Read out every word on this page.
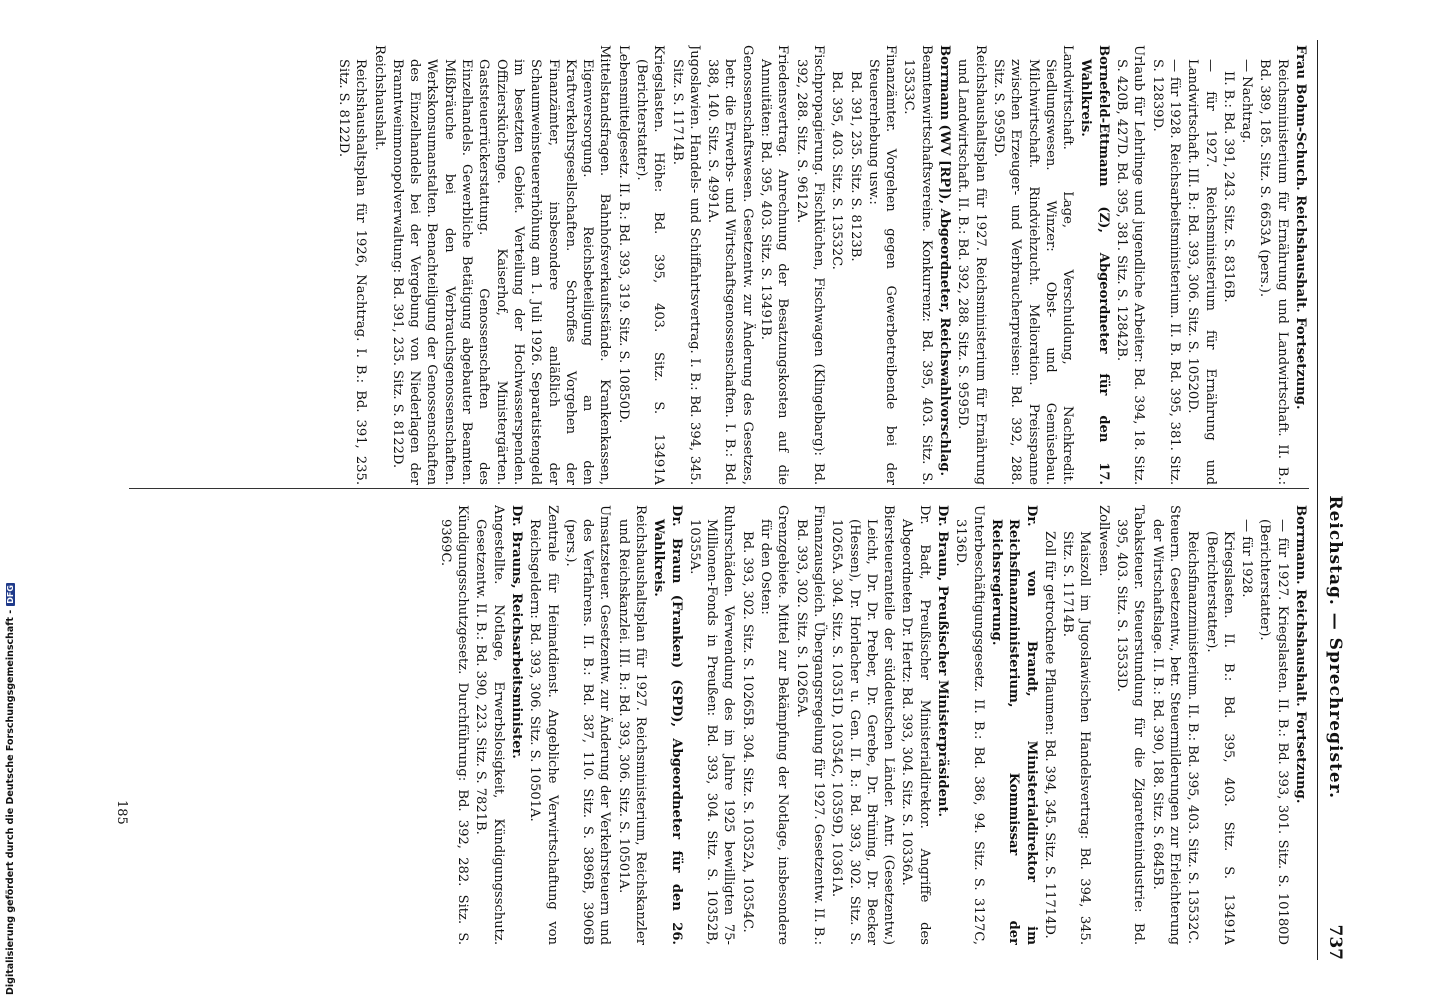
Reichstag. — Sprechregister.
737

Frau Bohm-Schuch. Reichshaushalt. Fortsetzung.

Reichsministerium für Ernährung und Landwirtschaft. II. B.: Bd. 389, 185. Sitz. S. 6653A (pers.).

— Nachtrag.

II. B.: Bd. 391, 243. Sitz. S. 8316B.

— für 1927. Reichsministerium für Ernährung und Landwirtschaft. III. B.: Bd. 393, 306. Sitz. S. 10520D.

— für 1928. Reichsarbeitsministerium. II. B. Bd. 395, 381. Sitz. S. 12839D.

Urlaub für Lehrlinge und jugendliche Arbeiter: Bd. 394, 18. Sitz. S. 420B, 427D. Bd. 395, 381. Sitz. S. 12842B.

Bornefeld-Ettmann (Z), Abgeordneter für den 17. Wahlkreis.

Landwirtschaft. Lage, Verschuldung, Nachkredit. Siedlungswesen. Winzer: Obst- und Gemüsebau. Milchwirtschaft. Rindviehzucht. Melioration. Preisspanne zwischen Erzeuger- und Verbraucherpreisen: Bd. 392, 288. Sitz. S. 9595D.

Reichshaushaltsplan für 1927. Reichsministerium für Ernährung und Landwirtschaft. II. B.: Bd. 392, 288. Sitz. S. 9595D.

Borrmann (WV [RP]), Abgeordneter, Reichswahlvorschlag.

Beamtenwirtschaftsvereine. Konkurrenz: Bd. 395, 403. Sitz. S. 13533C.

Finanzämter. Vorgehen gegen Gewerbetreibende bei der Steuererhebung usw.:

Bd. 391, 235. Sitz. S. 8123B.

Bd. 395, 403. Sitz. S. 13532C.

Fischpropagierung. Fischküchen, Fischwagen (Klingelbarg): Bd. 392, 288. Sitz. S. 9612A.

Friedensvertrag. Anrechnung der Besatzungskosten auf die Annuitäten: Bd. 395, 403. Sitz. S. 13491B.

Genossenschaftswesen. Gesetzentw. zur Änderung des Gesetzes, betr. die Erwerbs- und Wirtschaftsgenossenschaften. I. B.: Bd. 388, 140. Sitz. S. 4991A.

Jugoslawien. Handels- und Schiffahrtsvertrag. I. B.: Bd. 394, 345. Sitz. S. 11714B.

Kriegslasten. Höhe: Bd. 395, 403. Sitz. S. 13491A (Berichterstatter).

Lebensmittelgesetz. II. B.: Bd. 393, 319. Sitz. S. 10850D.

Mittelstandsfragen. Bahnhofsverkaufsstände. Krankenkassen, Eigenversorgung. Reichsbeteiligung an den Kraftverkehrsgesellschaften. Schroffes Vorgehen der Finanzämter, insbesondere anläßlich der Schaumweinsteuererhöhung am 1. Juli 1926. Separatistengeld im besetzten Gebiet. Verteilung der Hochwasserspenden. Offiziersküchenge. Kaiserhof, Ministergärten. Gaststeuerrückerstattung. Genossenschaften des Einzelhandels. Gewerbliche Betätigung abgebauter Beamten. Mißbräuche bei den Verbrauchsgenossenschaften. Werkskonsumanstalten. Benachteiligung der Genossenschaften des Einzelhandels bei der Vergebung von Niederlagen der Branntweinmonopolverwaltung: Bd. 391, 235. Sitz. S. 8122D.

Reichshaushalt.

Reichshaushaltsplan für 1926, Nachtrag. I. B.: Bd. 391, 235. Sitz. S. 8122D.

Borrmann. Reichshaushalt. Fortsetzung.

— für 1927. Kriegslasten. II. B.: Bd. 393, 301. Sitz. S. 10180D (Berichterstatter).

— für 1928.

Kriegslasten. II. B.: Bd. 395, 403. Sitz. S. 13491A (Berichterstatter).

Reichsfinanzministerium. II. B.: Bd. 395, 403. Sitz. S. 13532C.

Steuern. Gesetzentw., betr. Steuermilderungen zur Erleichterung der Wirtschaftslage. II. B.: Bd. 390, 188. Sitz. S. 6845B.

Tabaksteuer. Steuerstundung für die Zigarettenindustrie: Bd. 395, 403. Sitz. S. 13533D.

Zollwesen.

Maiszoll im Jugoslawischen Handelsvertrag: Bd. 394, 345. Sitz. S. 11714B.

Zoll für getrocknete Pflaumen: Bd. 394, 345. Sitz. S. 11714D.

Dr. von Brandt, Ministerialdirektor im Reichsfinanzministerium, Kommissar der Reichsregierung.

Unterbeschäftigungsgesetz. II. B.: Bd. 386, 94. Sitz. S. 3127C, 3136D.

Dr. Braun, Preußischer Ministerpräsident.

Dr. Badt, Preußischer Ministerialdirektor. Angriffe des Abgeordneten Dr. Hertz: Bd. 393, 304. Sitz. S. 10336A.

Biersteueranteile der süddeutschen Länder. Antr. (Gesetzentw.) Leicht, Dr. Dr. Preber, Dr. Gerebe, Dr. Brüning, Dr. Becker (Hessen), Dr. Horlacher u. Gen. II. B.: Bd. 393, 302. Sitz. S. 10265A. 304. Sitz. S. 10351D, 10354C, 10359D, 10361A.

Finanzausgleich. Übergangsregelung für 1927. Gesetzentw. II. B.: Bd. 393, 302. Sitz. S. 10265A.

Grenzgebiete. Mittel zur Bekämpfung der Notlage, insbesondere für den Osten:

Bd. 393, 302. Sitz. S. 10265B. 304. Sitz. S. 10352A, 10354C.

Ruhrschäden. Verwendung des im Jahre 1925 bewilligten 75-Millionen-Fonds in Preußen: Bd. 393, 304. Sitz. S. 10352B, 10355A.

Dr. Braun (Franken) (SPD), Abgeordneter für den 26. Wahlkreis.

Reichshaushaltsplan für 1927. Reichsministerium, Reichskanzler und Reichskanzlei. III. B.: Bd. 393, 306. Sitz. S. 10501A.

Umsatzsteuer. Gesetzentw. zur Änderung der Verkehrsteuern und des Verfahrens. II. B.: Bd. 387, 110. Sitz. S. 3896B, 3906B (pers.).

Zentrale für Heimatdienst. Angebliche Verwirtschaftung von Reichsgeldern: Bd. 393, 306. Sitz. S. 10501A.

Dr. Brauns, Reichsarbeitsminister.

Angestellte. Notlage, Erwerbslosigkeit, Kündigungsschutz. Gesetzentw. II. B.: Bd. 390, 223. Sitz. S. 7821B.

Kündigungsschutzgesetz. Durchführung: Bd. 392, 282. Sitz. S. 9369C.

185
Digitalisierung gefördert durch die Deutsche Forschungsgemeinschaft -
DFG
